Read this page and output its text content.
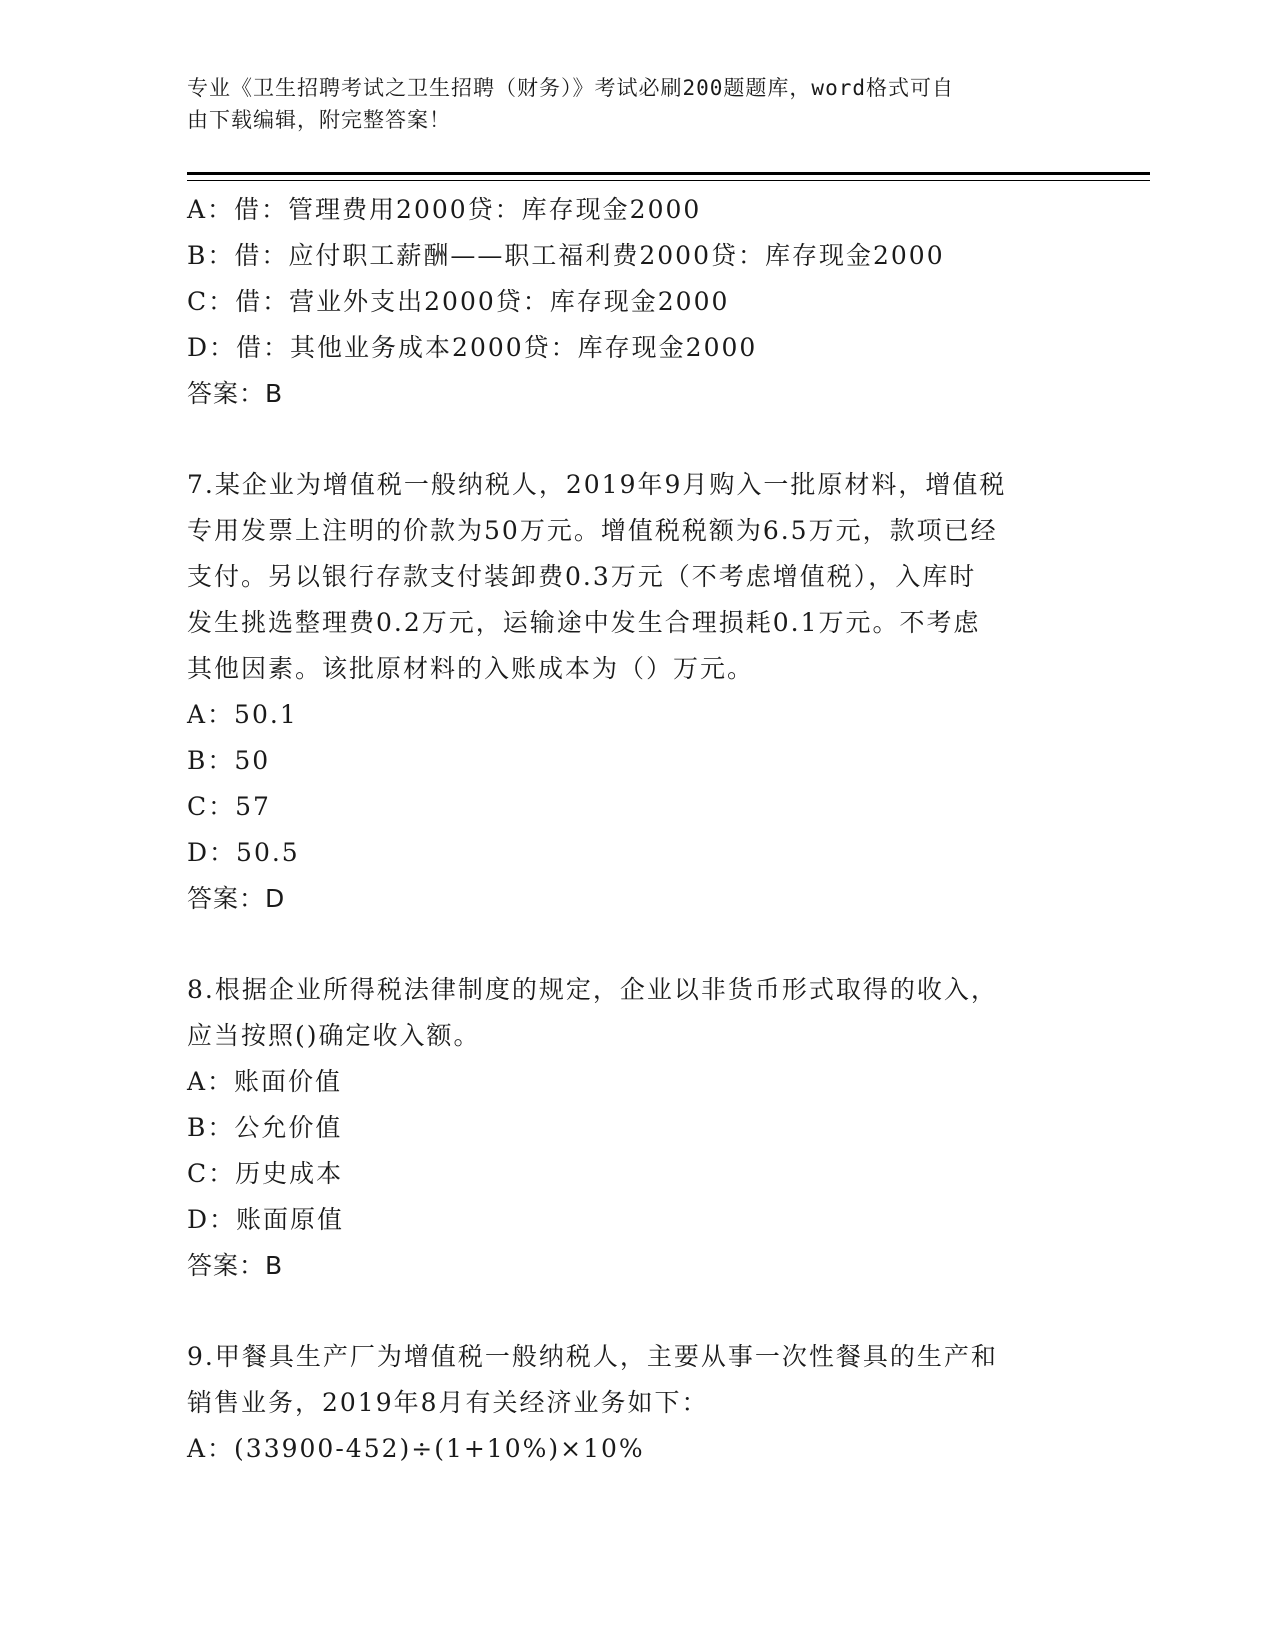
专业《卫生招聘考试之卫生招聘（财务）》考试必刷200题题库，word格式可自
由下载编辑，附完整答案！
A：借：管理费用2000贷：库存现金2000
B：借：应付职工薪酬——职工福利费2000贷：库存现金2000
C：借：营业外支出2000贷：库存现金2000
D：借：其他业务成本2000贷：库存现金2000
答案：B
7.某企业为增值税一般纳税人，2019年9月购入一批原材料，增值税
专用发票上注明的价款为50万元。增值税税额为6.5万元，款项已经
支付。另以银行存款支付装卸费0.3万元（不考虑增值税），入库时
发生挑选整理费0.2万元，运输途中发生合理损耗0.1万元。不考虑
其他因素。该批原材料的入账成本为（）万元。
A：50.1
B：50
C：57
D：50.5
答案：D
8.根据企业所得税法律制度的规定，企业以非货币形式取得的收入，
应当按照()确定收入额。
A：账面价值
B：公允价值
C：历史成本
D：账面原值
答案：B
9.甲餐具生产厂为增值税一般纳税人，主要从事一次性餐具的生产和
销售业务，2019年8月有关经济业务如下：
A：(33900-452)÷(1+10%)×10%
